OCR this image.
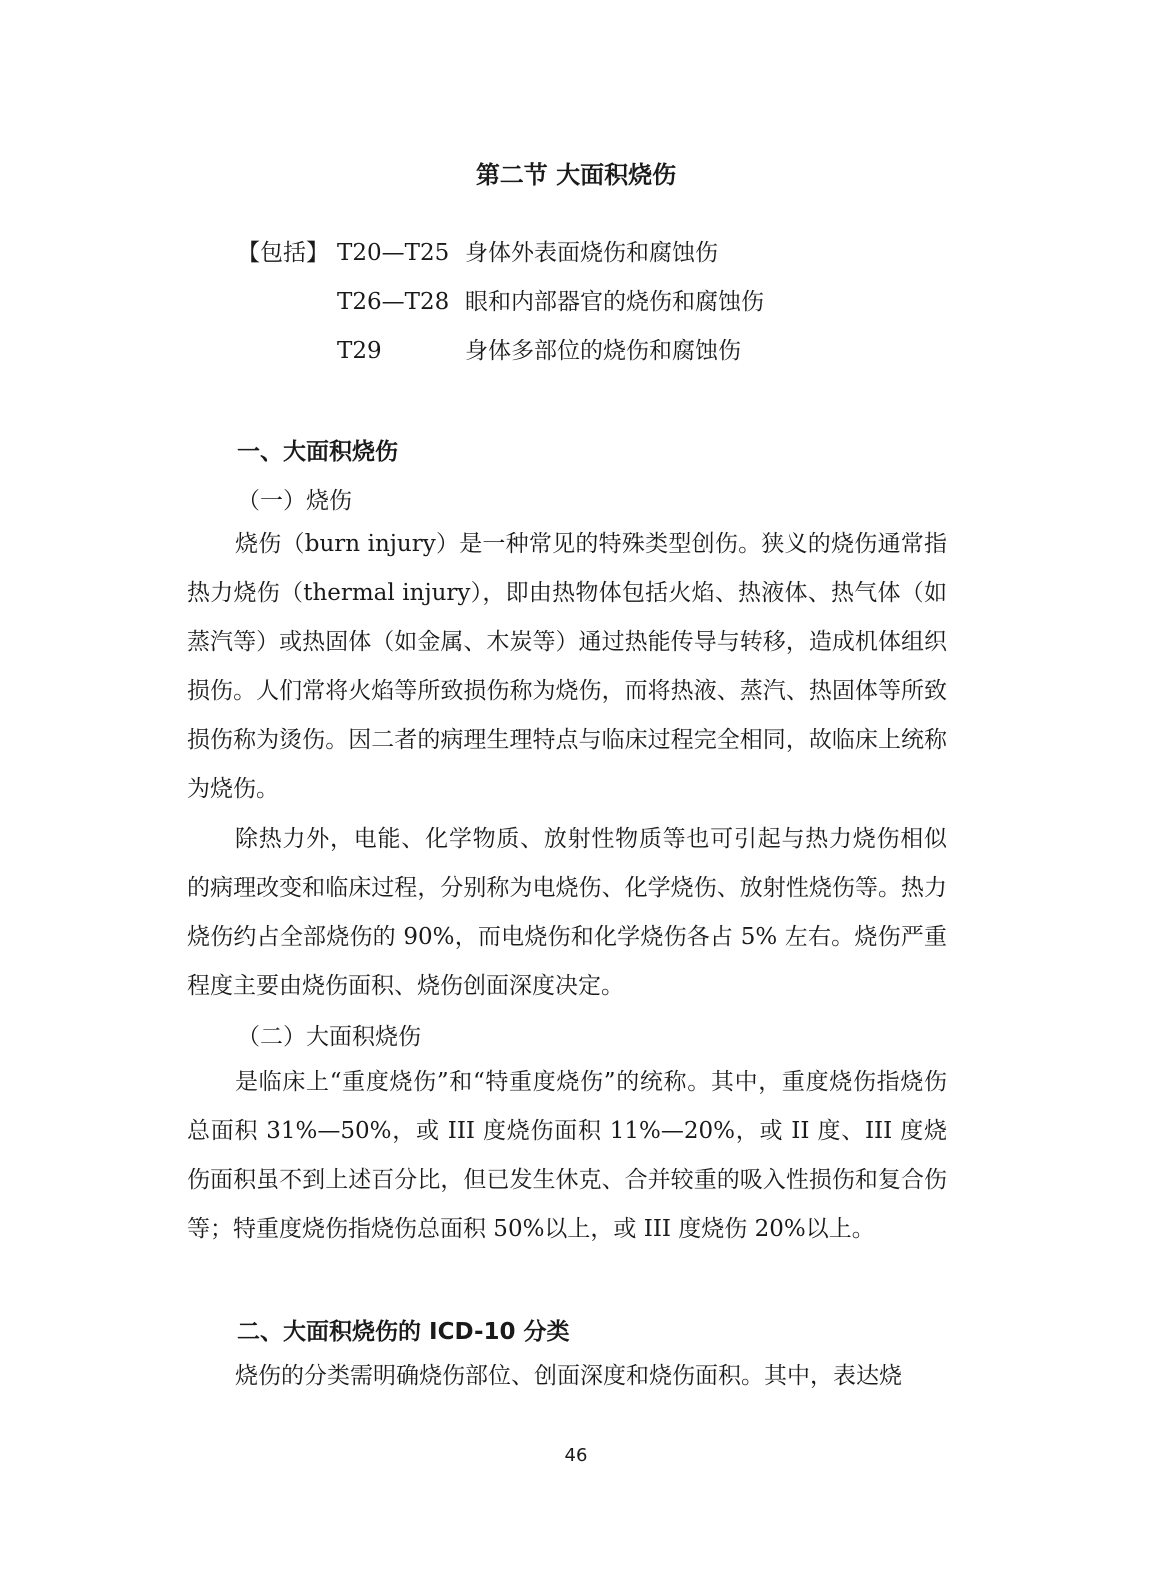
第二节 大面积烧伤
【包括】 T20—T25 身体外表面烧伤和腐蚀伤
T26—T28 眼和内部器官的烧伤和腐蚀伤
T29	身体多部位的烧伤和腐蚀伤
一、大面积烧伤
（一）烧伤

烧伤（burn injury）是一种常见的特殊类型创伤。狭义的烧伤通常指热力烧伤（thermal injury），即由热物体包括火焰、热液体、热气体（如蒸汽等）或热固体（如金属、木炭等）通过热能传导与转移，造成机体组织损伤。人们常将火焰等所致损伤称为烧伤，而将热液、蒸汽、热固体等所致损伤称为烫伤。因二者的病理生理特点与临床过程完全相同，故临床上统称为烧伤。

除热力外，电能、化学物质、放射性物质等也可引起与热力烧伤相似的病理改变和临床过程，分别称为电烧伤、化学烧伤、放射性烧伤等。热力烧伤约占全部烧伤的 90%，而电烧伤和化学烧伤各占 5% 左右。烧伤严重程度主要由烧伤面积、烧伤创面深度决定。

（二）大面积烧伤

是临床上“重度烧伤”和“特重度烧伤”的统称。其中，重度烧伤指烧伤总面积 31%—50%，或 III 度烧伤面积 11%—20%，或 II 度、III 度烧伤面积虽不到上述百分比，但已发生休克、合并较重的吸入性损伤和复合伤等；特重度烧伤指烧伤总面积 50%以上，或 III 度烧伤 20%以上。

二、大面积烧伤的 ICD-10 分类

烧伤的分类需明确烧伤部位、创面深度和烧伤面积。其中，表达烧

46
